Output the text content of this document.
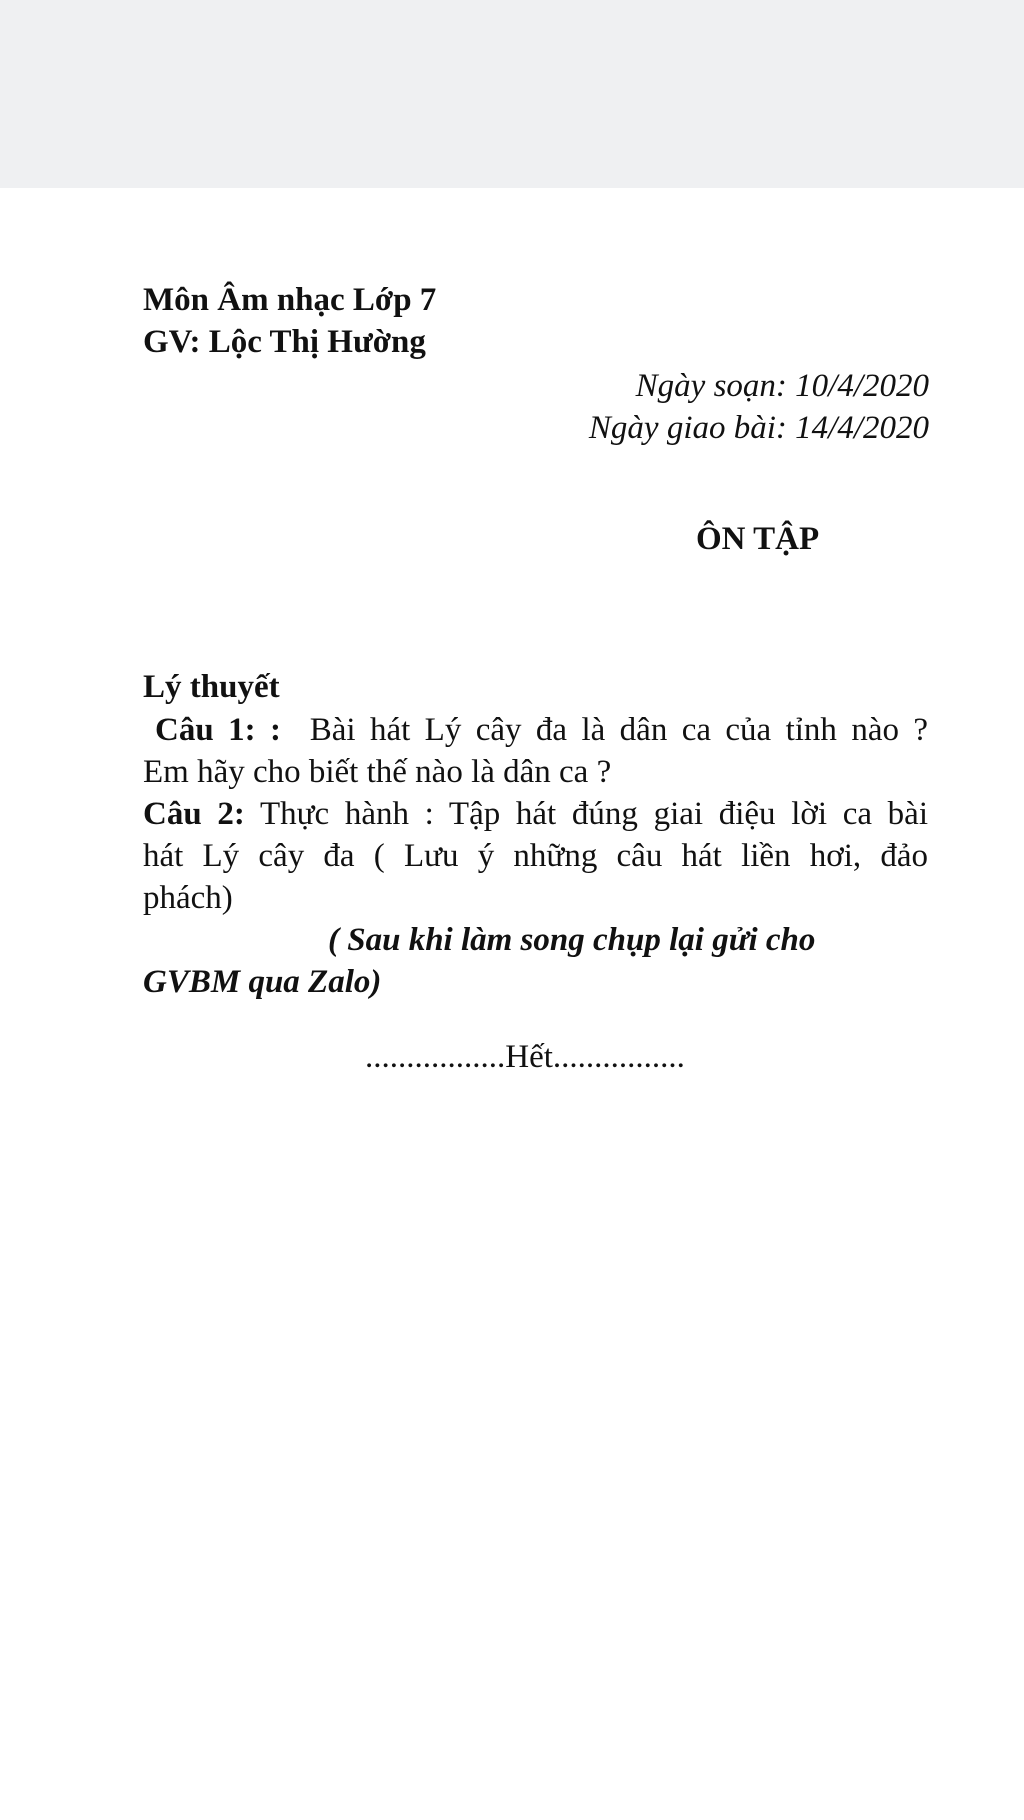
Môn Âm nhạc Lớp 7

GV: Lộc Thị Hường

Ngày soạn: 10/4/2020

Ngày giao bài: 14/4/2020

ÔN TẬP

Lý thuyết

Câu 1: : Bài hát Lý cây đa là dân ca của tỉnh nào ?

Em hãy cho biết thế nào là dân ca ?

Câu 2: Thực hành : Tập hát đúng giai điệu lời ca bài
hát Lý cây đa ( Lưu ý những câu hát liền hơi, đảo

phách)

( Sau khi làm song chụp lại gửi cho

GVBM qua Zalo)

.................Hết................
